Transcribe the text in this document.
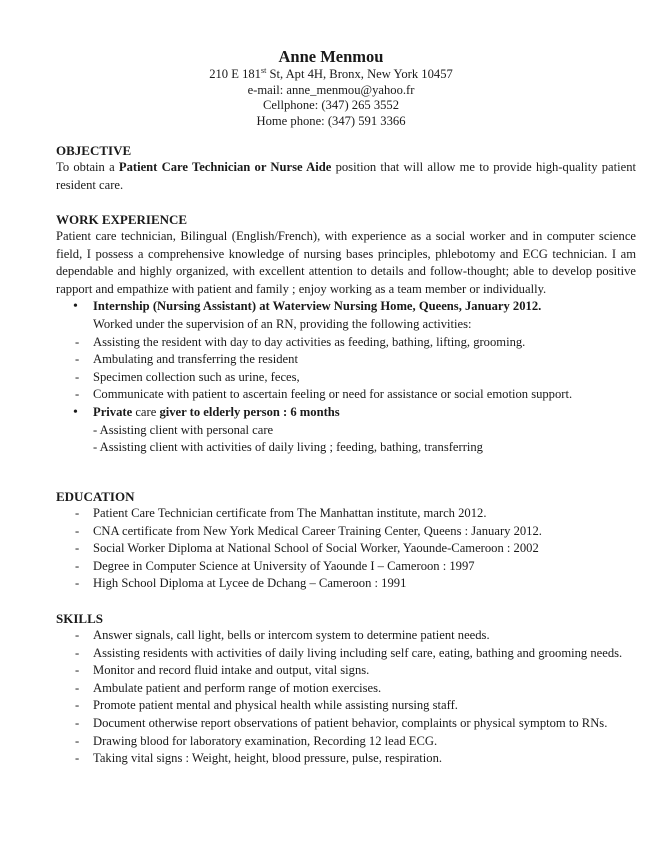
Anne Menmou
210 E 181st St, Apt 4H, Bronx, New York 10457
e-mail: anne_menmou@yahoo.fr
Cellphone: (347) 265 3552
Home phone: (347) 591 3366
OBJECTIVE
To obtain a Patient Care Technician or Nurse Aide position that will allow me to provide high-quality patient resident care.
WORK EXPERIENCE
Patient care technician, Bilingual (English/French), with experience as a social worker and in computer science field, I possess a comprehensive knowledge of nursing bases principles, phlebotomy and ECG technician. I am dependable and highly organized, with excellent attention to details and follow-thought; able to develop positive rapport and empathize with patient and family ; enjoy working as a team member or individually.
• Internship (Nursing Assistant) at Waterview Nursing Home, Queens, January 2012.
Worked under the supervision of an RN, providing the following activities:
- Assisting the resident with day to day activities as feeding, bathing, lifting, grooming.
- Ambulating and transferring the resident
- Specimen collection such as urine, feces,
- Communicate with patient to ascertain feeling or need for assistance or social emotion support.
• Private care giver to elderly person : 6 months
- Assisting client with personal care
- Assisting client with activities of daily living ; feeding, bathing, transferring
EDUCATION
- Patient Care Technician certificate from The Manhattan institute, march 2012.
- CNA certificate from New York Medical Career Training Center, Queens : January 2012.
- Social Worker Diploma at National School of Social Worker, Yaounde-Cameroon : 2002
- Degree in Computer Science at University of Yaounde I – Cameroon : 1997
- High School Diploma at Lycee de Dchang – Cameroon : 1991
SKILLS
- Answer signals, call light, bells or intercom system to determine patient needs.
- Assisting residents with activities of daily living including self care, eating, bathing and grooming needs.
- Monitor and record fluid intake and output, vital signs.
- Ambulate patient and perform range of motion exercises.
- Promote patient mental and physical health while assisting nursing staff.
- Document otherwise report observations of patient behavior, complaints or physical symptom to RNs.
- Drawing blood for laboratory examination, Recording 12 lead ECG.
- Taking vital signs : Weight, height, blood pressure, pulse, respiration.
